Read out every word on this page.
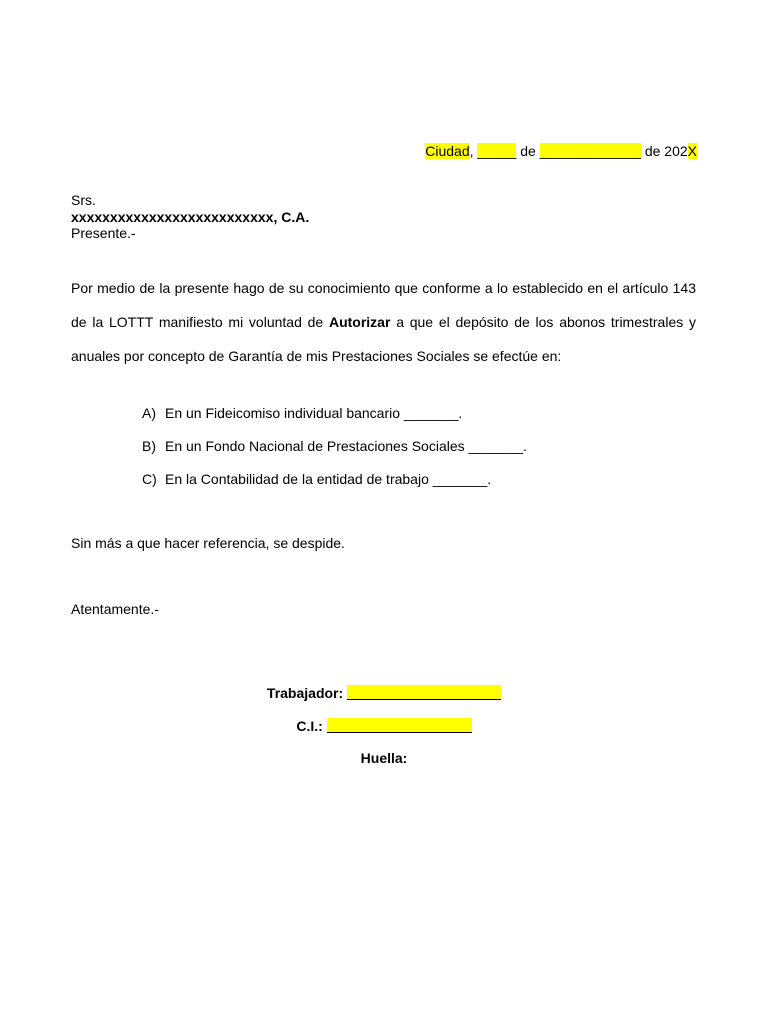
Ciudad, _____ de _____________ de 202X
Srs.
xxxxxxxxxxxxxxxxxxxxxxxxxx, C.A.
Presente.-
Por medio de la presente hago de su conocimiento que conforme a lo establecido en el artículo 143 de la LOTTT manifiesto mi voluntad de Autorizar a que el depósito de los abonos trimestrales y anuales por concepto de Garantía de mis Prestaciones Sociales se efectúe en:
A) En un Fideicomiso individual bancario _______.
B) En un Fondo Nacional de Prestaciones Sociales _______.
C) En la Contabilidad de la entidad de trabajo _______.
Sin más a que hacer referencia, se despide.
Atentamente.-
Trabajador:
C.I.:
Huella:
